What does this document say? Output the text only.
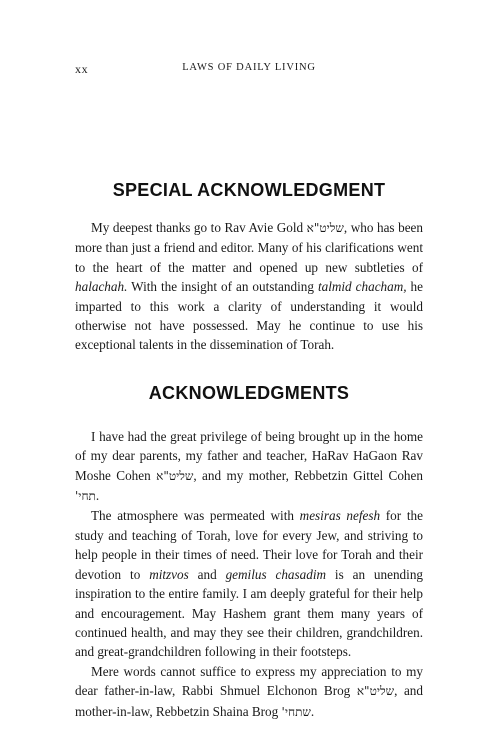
xx	LAWS OF DAILY LIVING
SPECIAL ACKNOWLEDGMENT

My deepest thanks go to Rav Avie Gold שליט"א, who has been more than just a friend and editor. Many of his clarifications went to the heart of the matter and opened up new subtleties of halachah. With the insight of an outstanding talmid chacham, he imparted to this work a clarity of understanding it would otherwise not have possessed. May he continue to use his exceptional talents in the dissemination of Torah.

ACKNOWLEDGMENTS

I have had the great privilege of being brought up in the home of my dear parents, my father and teacher, HaRav HaGaon Rav Moshe Cohen שליט"א, and my mother, Rebbetzin Gittel Cohen תחי'.

The atmosphere was permeated with mesiras nefesh for the study and teaching of Torah, love for every Jew, and striving to help people in their times of need. Their love for Torah and their devotion to mitzvos and gemilus chasadim is an unending inspiration to the entire family. I am deeply grateful for their help and encouragement. May Hashem grant them many years of continued health, and may they see their children, grandchildren. and great-grandchildren following in their footsteps.

Mere words cannot suffice to express my appreciation to my dear father-in-law, Rabbi Shmuel Elchonon Brog שליט"א, and mother-in-law, Rebbetzin Shaina Brog שתחי'.
